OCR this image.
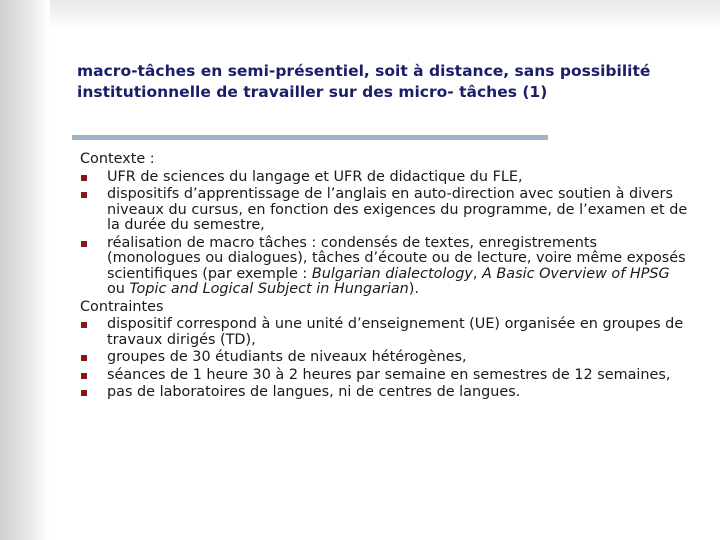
macro-tâches en semi-présentiel, soit à distance, sans possibilité institutionnelle de travailler sur des micro- tâches (1)
Contexte :
UFR de sciences du langage et UFR de didactique du FLE,
dispositifs d’apprentissage de l’anglais en auto-direction avec soutien à divers niveaux du cursus, en fonction des exigences du programme, de l’examen et de la durée du semestre,
réalisation de macro tâches : condensés de textes, enregistrements (monologues ou dialogues), tâches d’écoute ou de lecture, voire même exposés scientifiques (par exemple : Bulgarian dialectology, A Basic Overview of HPSG ou Topic and Logical Subject in Hungarian).
Contraintes
dispositif correspond à une unité d’enseignement (UE) organisée en groupes de travaux dirigés (TD),
groupes de 30 étudiants de niveaux hétérogènes,
séances de 1 heure 30 à 2 heures par semaine en semestres de 12 semaines,
pas de laboratoires de langues, ni de centres de langues.
